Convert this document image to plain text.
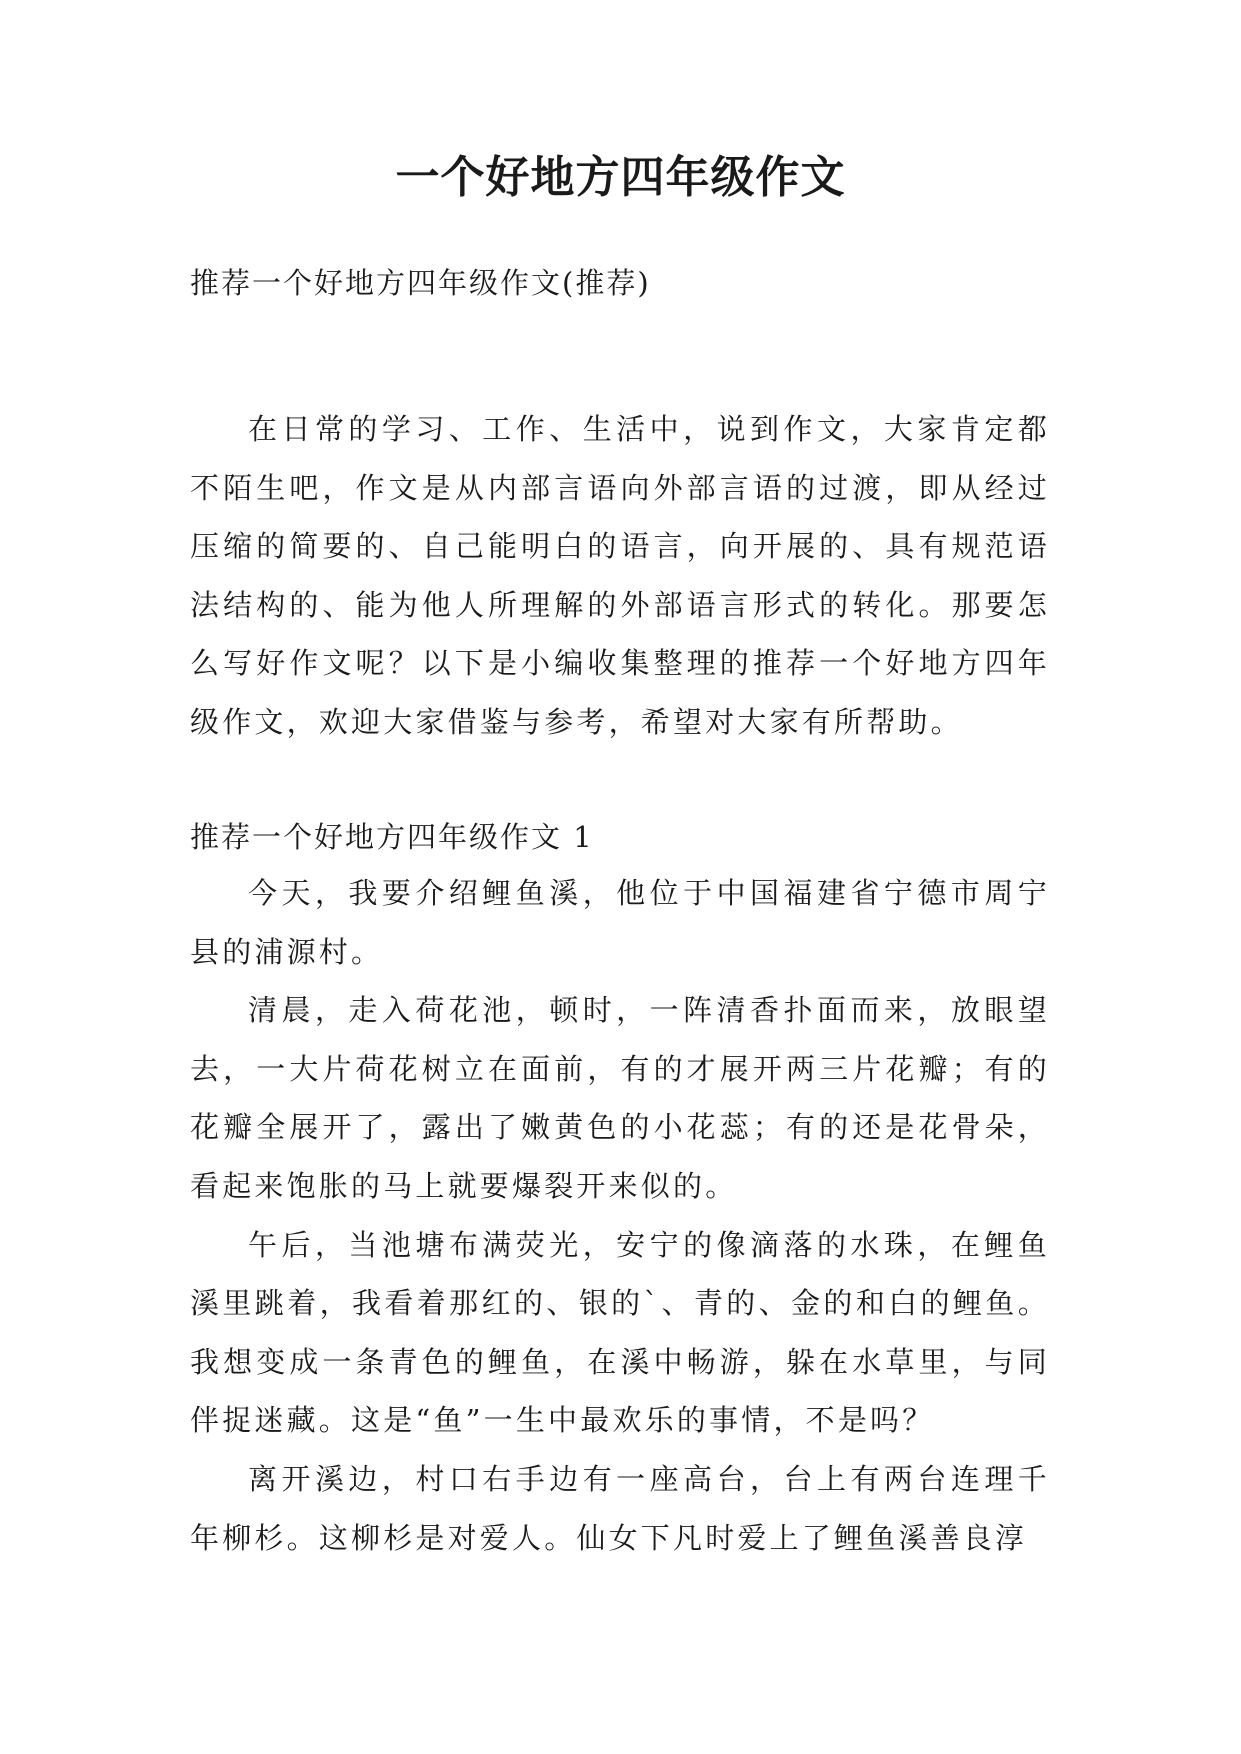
一个好地方四年级作文
推荐一个好地方四年级作文(推荐)

在日常的学习、工作、生活中，说到作文，大家肯定都不陌生吧，作文是从内部言语向外部言语的过渡，即从经过压缩的简要的、自己能明白的语言，向开展的、具有规范语法结构的、能为他人所理解的外部语言形式的转化。那要怎么写好作文呢？以下是小编收集整理的推荐一个好地方四年级作文，欢迎大家借鉴与参考，希望对大家有所帮助。

推荐一个好地方四年级作文 1

今天，我要介绍鲤鱼溪，他位于中国福建省宁德市周宁县的浦源村。

清晨，走入荷花池，顿时，一阵清香扑面而来，放眼望去，一大片荷花树立在面前，有的才展开两三片花瓣；有的花瓣全展开了，露出了嫩黄色的小花蕊；有的还是花骨朵，看起来饱胀的马上就要爆裂开来似的。

午后，当池塘布满荧光，安宁的像滴落的水珠，在鲤鱼溪里跳着，我看着那红的、银的`、青的、金的和白的鲤鱼。我想变成一条青色的鲤鱼，在溪中畅游，躲在水草里，与同伴捉迷藏。这是“鱼”一生中最欢乐的事情，不是吗？

离开溪边，村口右手边有一座高台，台上有两台连理千年柳杉。这柳杉是对爱人。仙女下凡时爱上了鲤鱼溪善良淳
